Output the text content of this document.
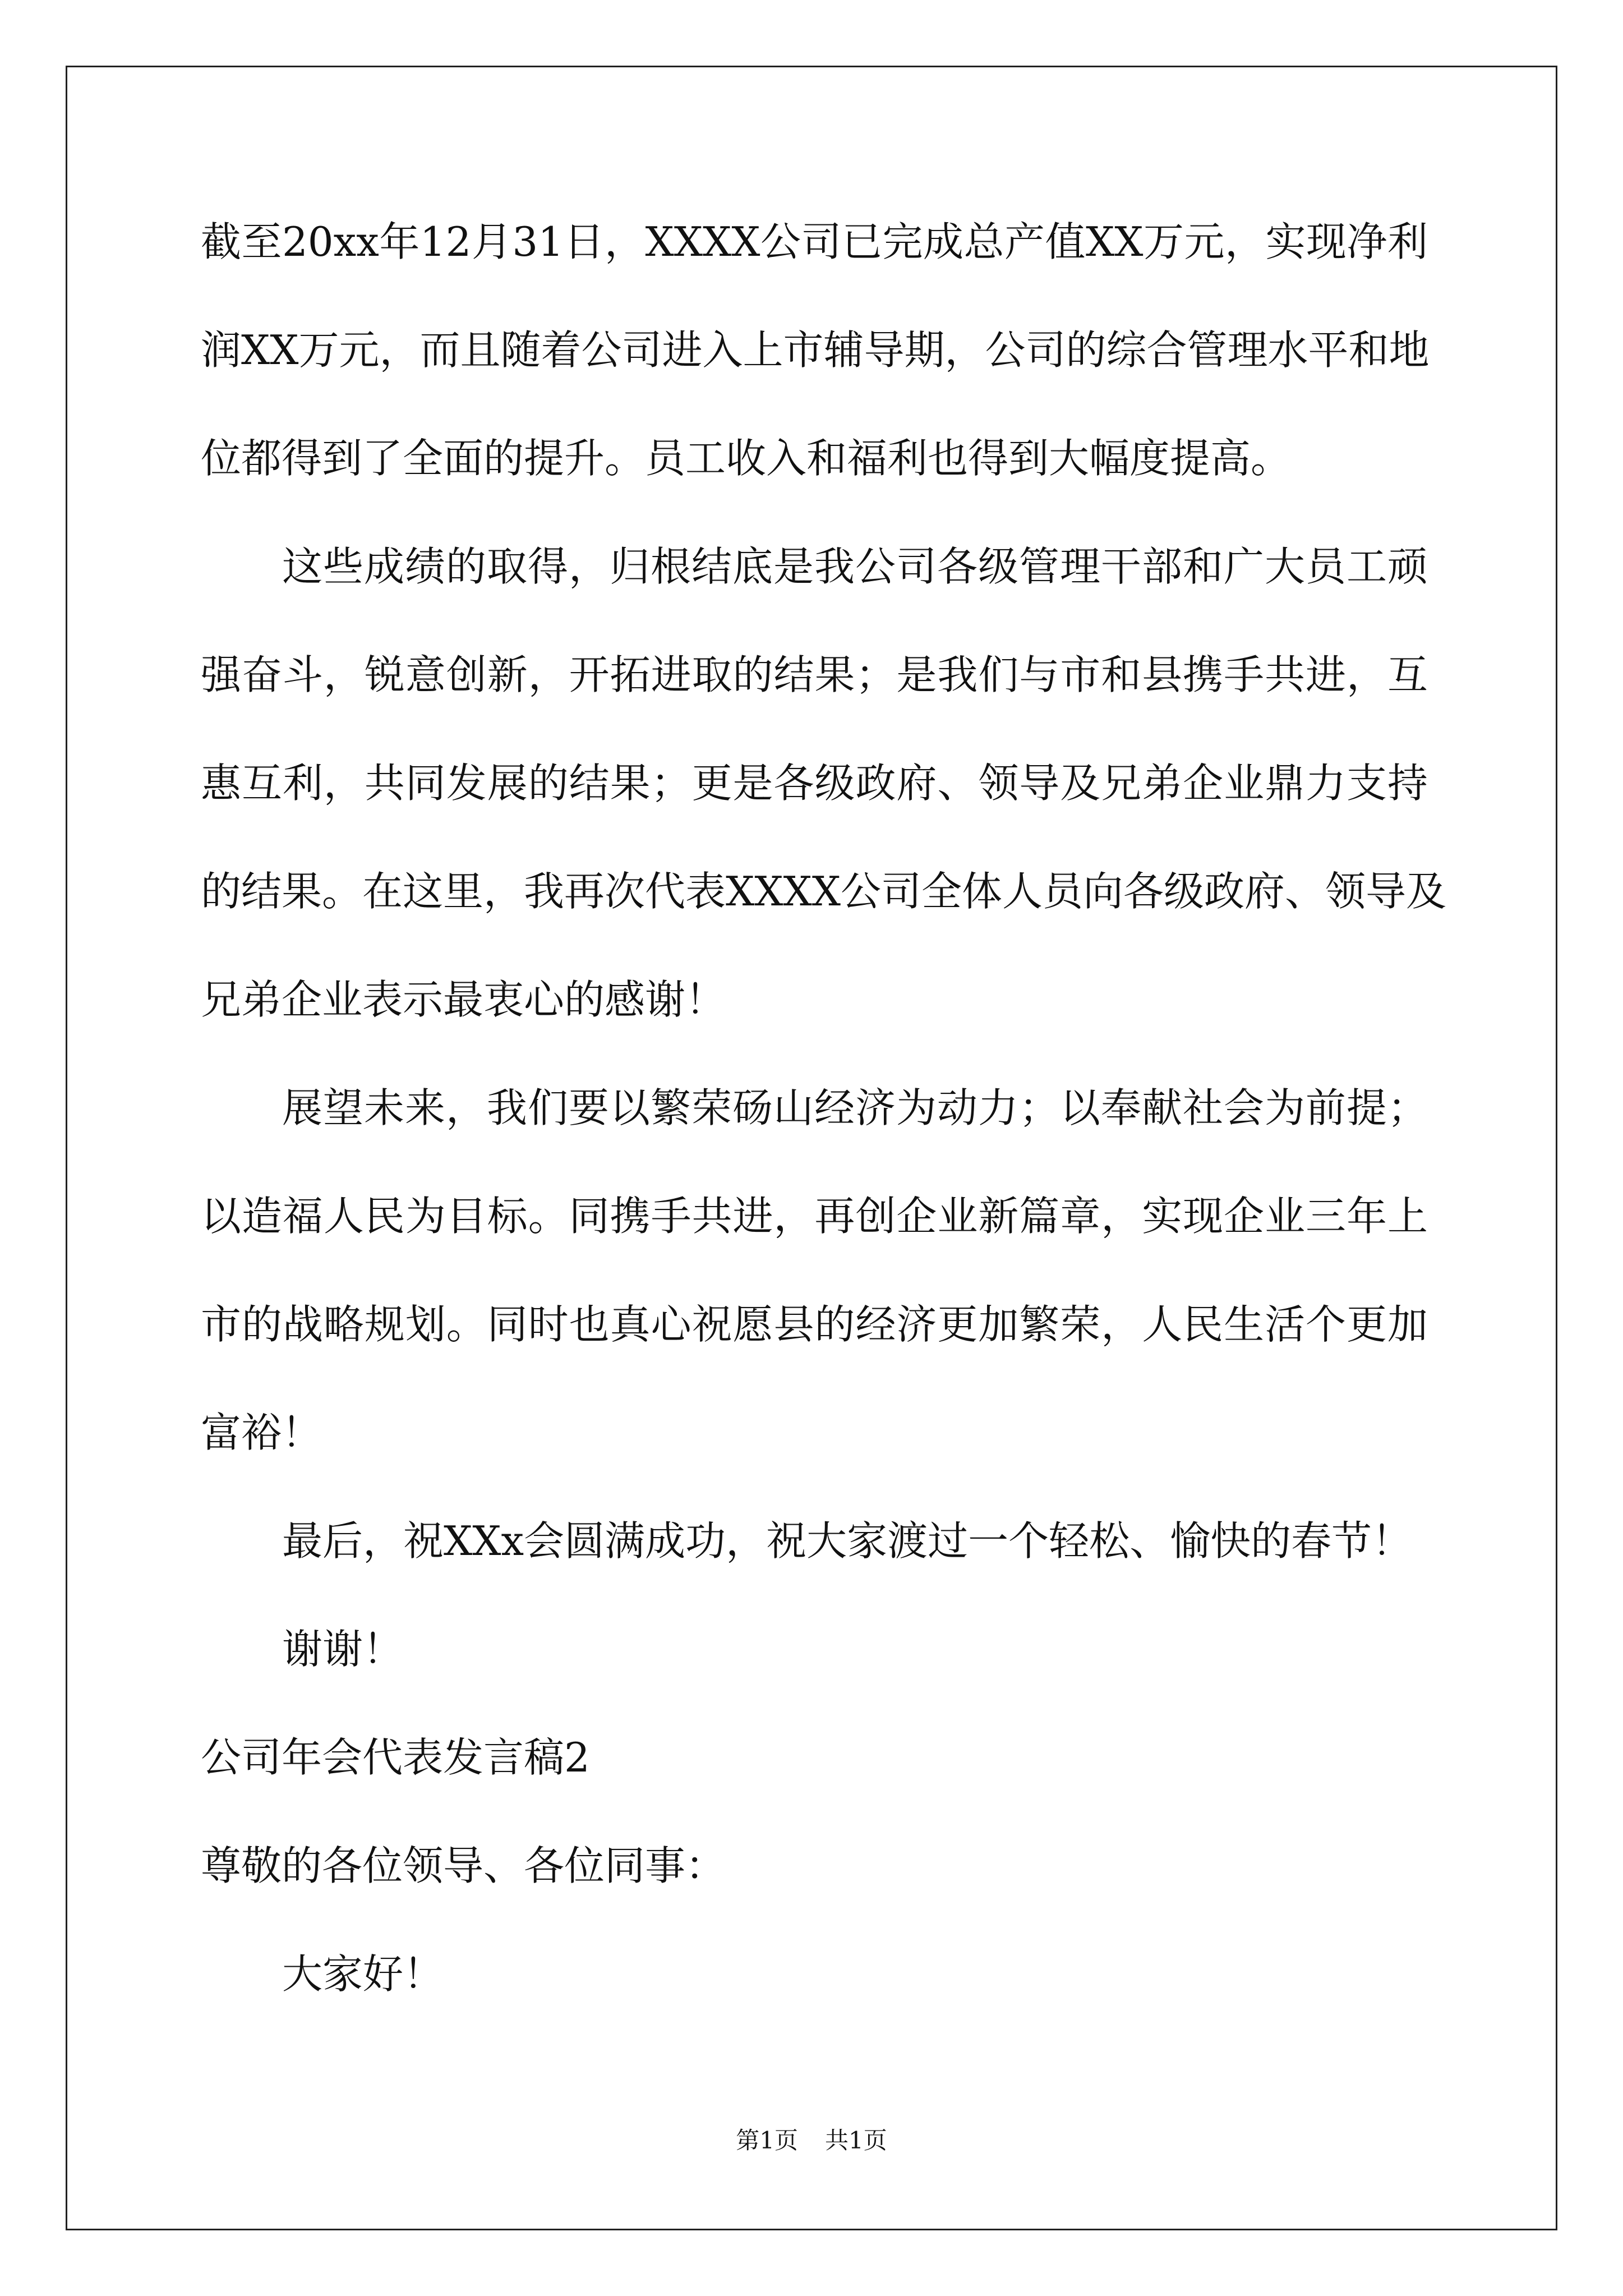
截至20xx年12月31日，XXXX公司已完成总产值XX万元，实现净利
润XX万元，而且随着公司进入上市辅导期，公司的综合管理水平和地
位都得到了全面的提升。员工收入和福利也得到大幅度提高。
这些成绩的取得，归根结底是我公司各级管理干部和广大员工顽
强奋斗，锐意创新，开拓进取的结果；是我们与市和县携手共进，互
惠互利，共同发展的结果；更是各级政府、领导及兄弟企业鼎力支持
的结果。在这里，我再次代表XXXX公司全体人员向各级政府、领导及
兄弟企业表示最衷心的感谢！
展望未来，我们要以繁荣砀山经济为动力；以奉献社会为前提；
以造福人民为目标。同携手共进，再创企业新篇章，实现企业三年上
市的战略规划。同时也真心祝愿县的经济更加繁荣，人民生活个更加
富裕！
最后，祝XXx会圆满成功，祝大家渡过一个轻松、愉快的春节！
谢谢！
公司年会代表发言稿2
尊敬的各位领导、各位同事：
大家好！
第1页 共1页
